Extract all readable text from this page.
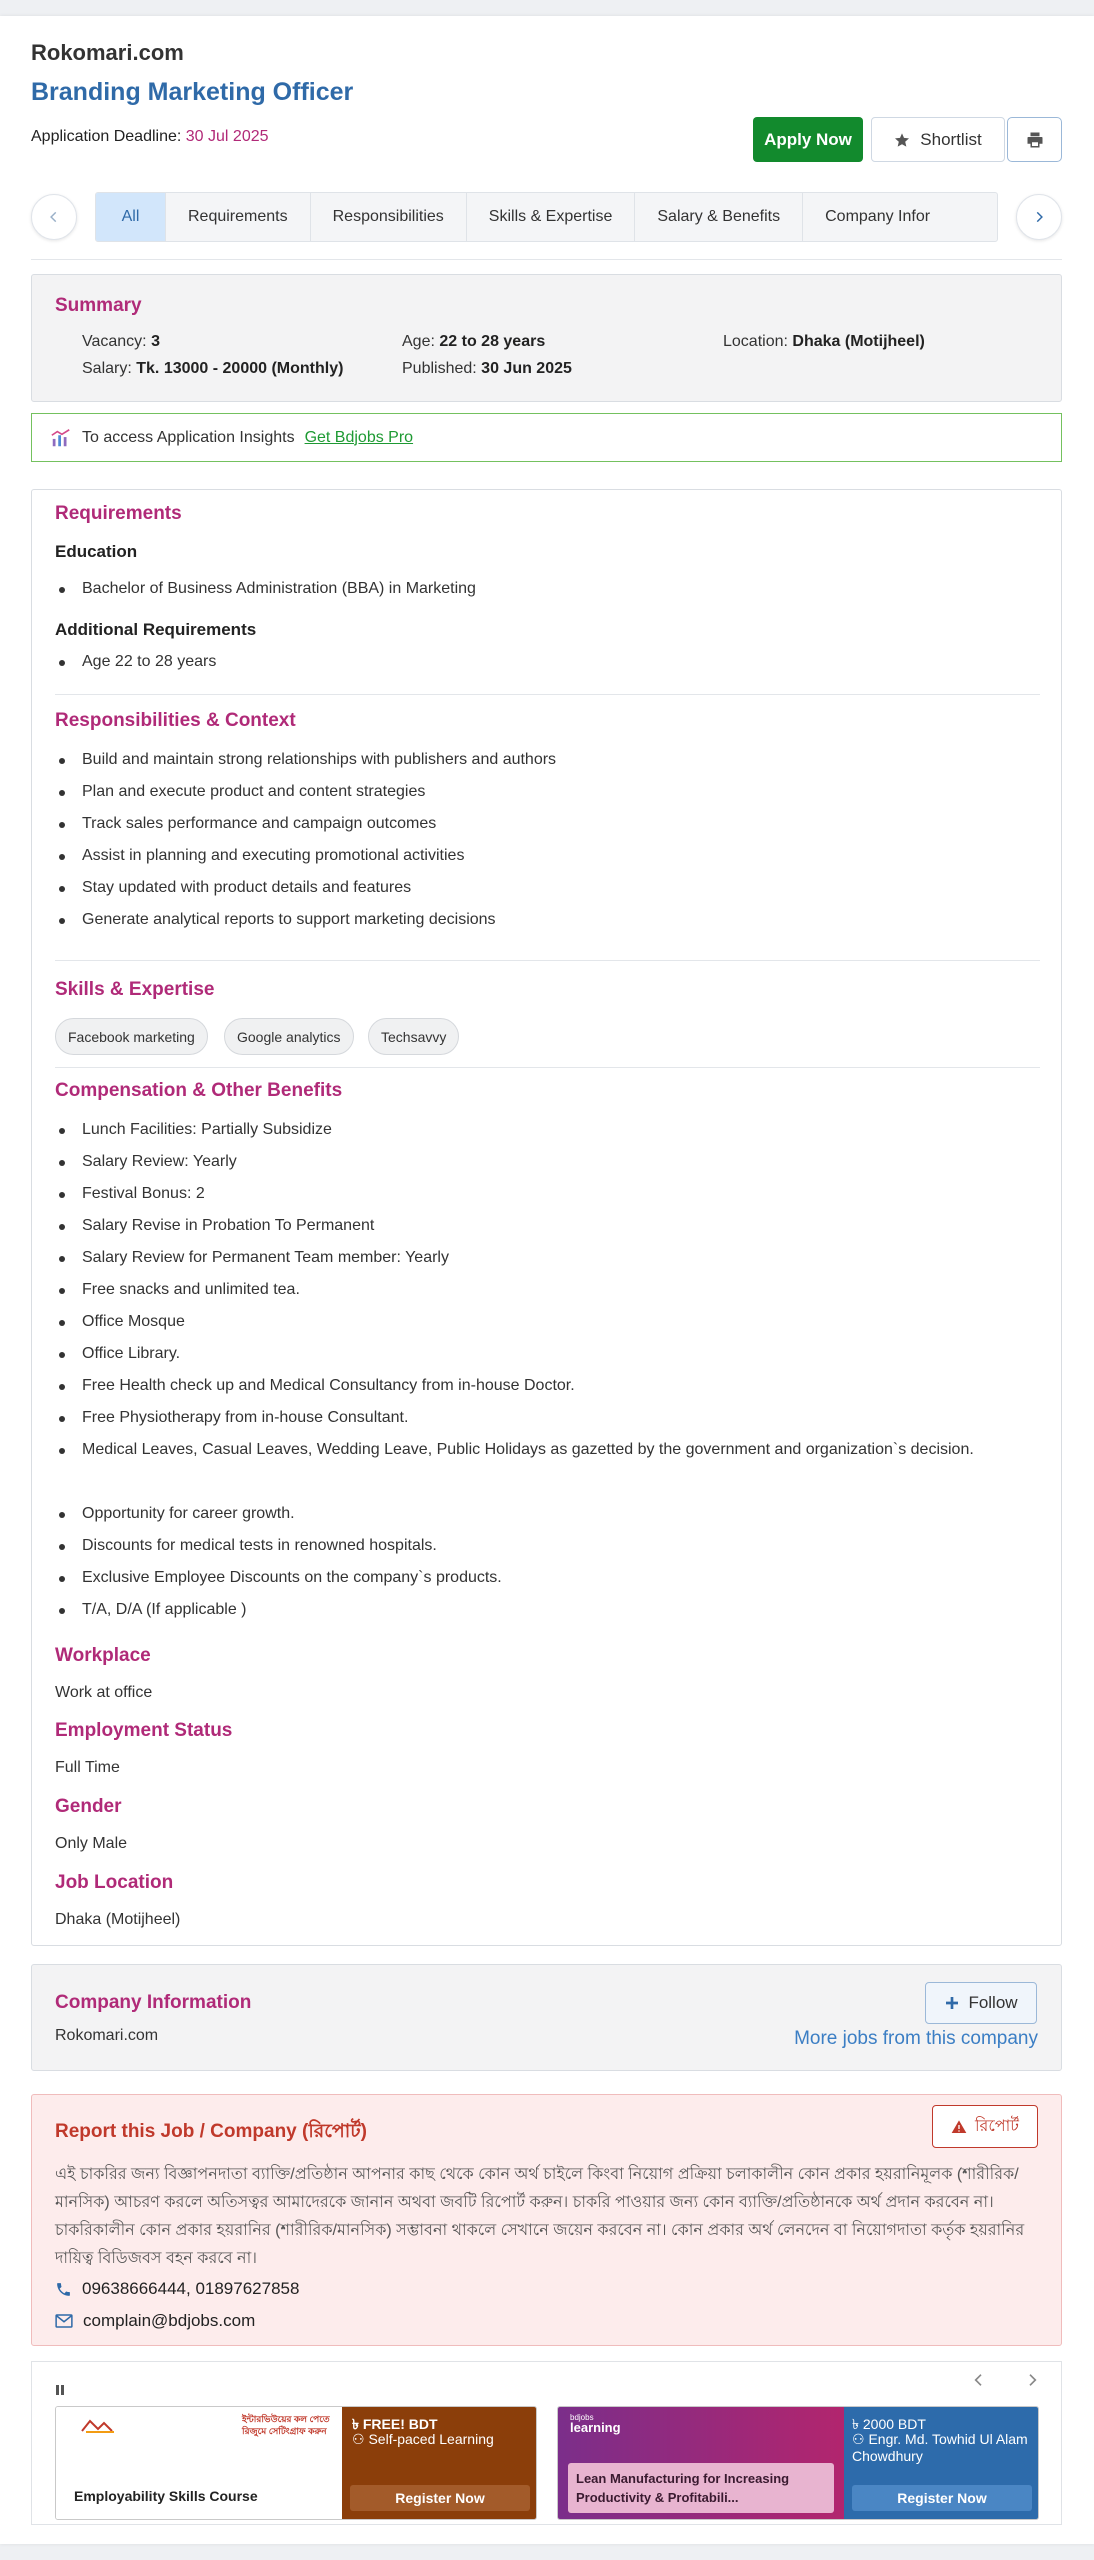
Rokomari.com
Branding Marketing Officer
Application Deadline: 30 Jul 2025	Apply Now	Shortlist
All	Requirements	Responsibilities	Skills & Expertise	Salary & Benefits	Company Infor
Summary
Vacancy: 3	Age: 22 to 28 years	Location: Dhaka (Motijheel)
Salary: Tk. 13000 - 20000 (Monthly)	Published: 30 Jun 2025
To access Application Insights Get Bdjobs Pro
Requirements
Education
Bachelor of Business Administration (BBA) in Marketing
Additional Requirements
Age 22 to 28 years
Responsibilities & Context
Build and maintain strong relationships with publishers and authors
Plan and execute product and content strategies
Track sales performance and campaign outcomes
Assist in planning and executing promotional activities
Stay updated with product details and features
Generate analytical reports to support marketing decisions
Skills & Expertise
Facebook marketing	Google analytics	Techsavvy
Compensation & Other Benefits
Lunch Facilities: Partially Subsidize
Salary Review: Yearly
Festival Bonus: 2
Salary Revise in Probation To Permanent
Salary Review for Permanent Team member: Yearly
Free snacks and unlimited tea.
Office Mosque
Office Library.
Free Health check up and Medical Consultancy from in-house Doctor.
Free Physiotherapy from in-house Consultant.
Medical Leaves, Casual Leaves, Wedding Leave, Public Holidays as gazetted by the government and organization`s decision.
Opportunity for career growth.
Discounts for medical tests in renowned hospitals.
Exclusive Employee Discounts on the company`s products.
T/A, D/A (If applicable )
Workplace
Work at office
Employment Status
Full Time
Gender
Only Male
Job Location
Dhaka (Motijheel)
Company Information
Rokomari.com
Follow
More jobs from this company
Report this Job / Company (রিপোর্ট)	রিপোর্ট
এই চাকরির জন্য বিজ্ঞাপনদাতা ব্যাক্তি/প্রতিষ্ঠান আপনার কাছ থেকে কোন অর্থ চাইলে কিংবা নিয়োগ প্রক্রিয়া চলাকালীন কোন প্রকার হয়রানিমূলক (শারীরিক/মানসিক) আচরণ করলে অতিসত্বর আমাদেরকে জানান অথবা জবটি রিপোর্ট করুন। চাকরি পাওয়ার জন্য কোন ব্যাক্তি/প্রতিষ্ঠানকে অর্থ প্রদান করবেন না। চাকরিকালীন কোন প্রকার হয়রানির (শারীরিক/মানসিক) সম্ভাবনা থাকলে সেখানে জয়েন করবেন না। কোন প্রকার অর্থ লেনদেন বা নিয়োগদাতা কর্তৃক হয়রানির দায়িত্ব বিডিজবস বহন করবে না।
09638666444, 01897627858
complain@bdjobs.com
ইন্টারভিউয়ের কল পেতে
রিজুমে সেটিংগ্রাফ করুন
Employability Skills Course
৳ FREE! BDT
⚇ Self-paced Learning
Register Now
bdjobs
learning
Lean Manufacturing for Increasing Productivity & Profitabili...
৳ 2000 BDT
⚇ Engr. Md. Towhid Ul Alam Chowdhury
Register Now
